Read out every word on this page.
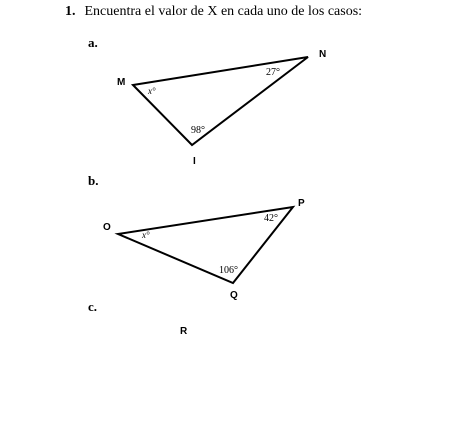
1. Encuentra el valor de X en cada uno de los casos:
a.
b.
c.
M
N
I
x°
27°
98°
O
P
Q
x°
42°
106°
R
